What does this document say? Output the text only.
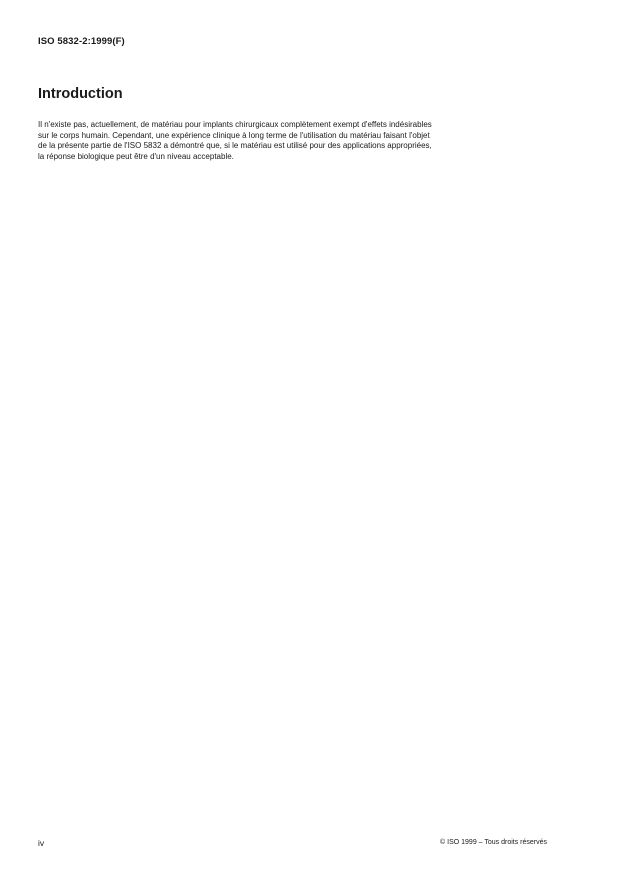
ISO 5832-2:1999(F)
Introduction

Il n'existe pas, actuellement, de matériau pour implants chirurgicaux complètement exempt d'effets indésirables
sur le corps humain. Cependant, une expérience clinique à long terme de l'utilisation du matériau faisant l'objet
de la présente partie de l'ISO 5832 a démontré que, si le matériau est utilisé pour des applications appropriées,
la réponse biologique peut être d'un niveau acceptable.

iv	© ISO 1999 – Tous droits réservés
